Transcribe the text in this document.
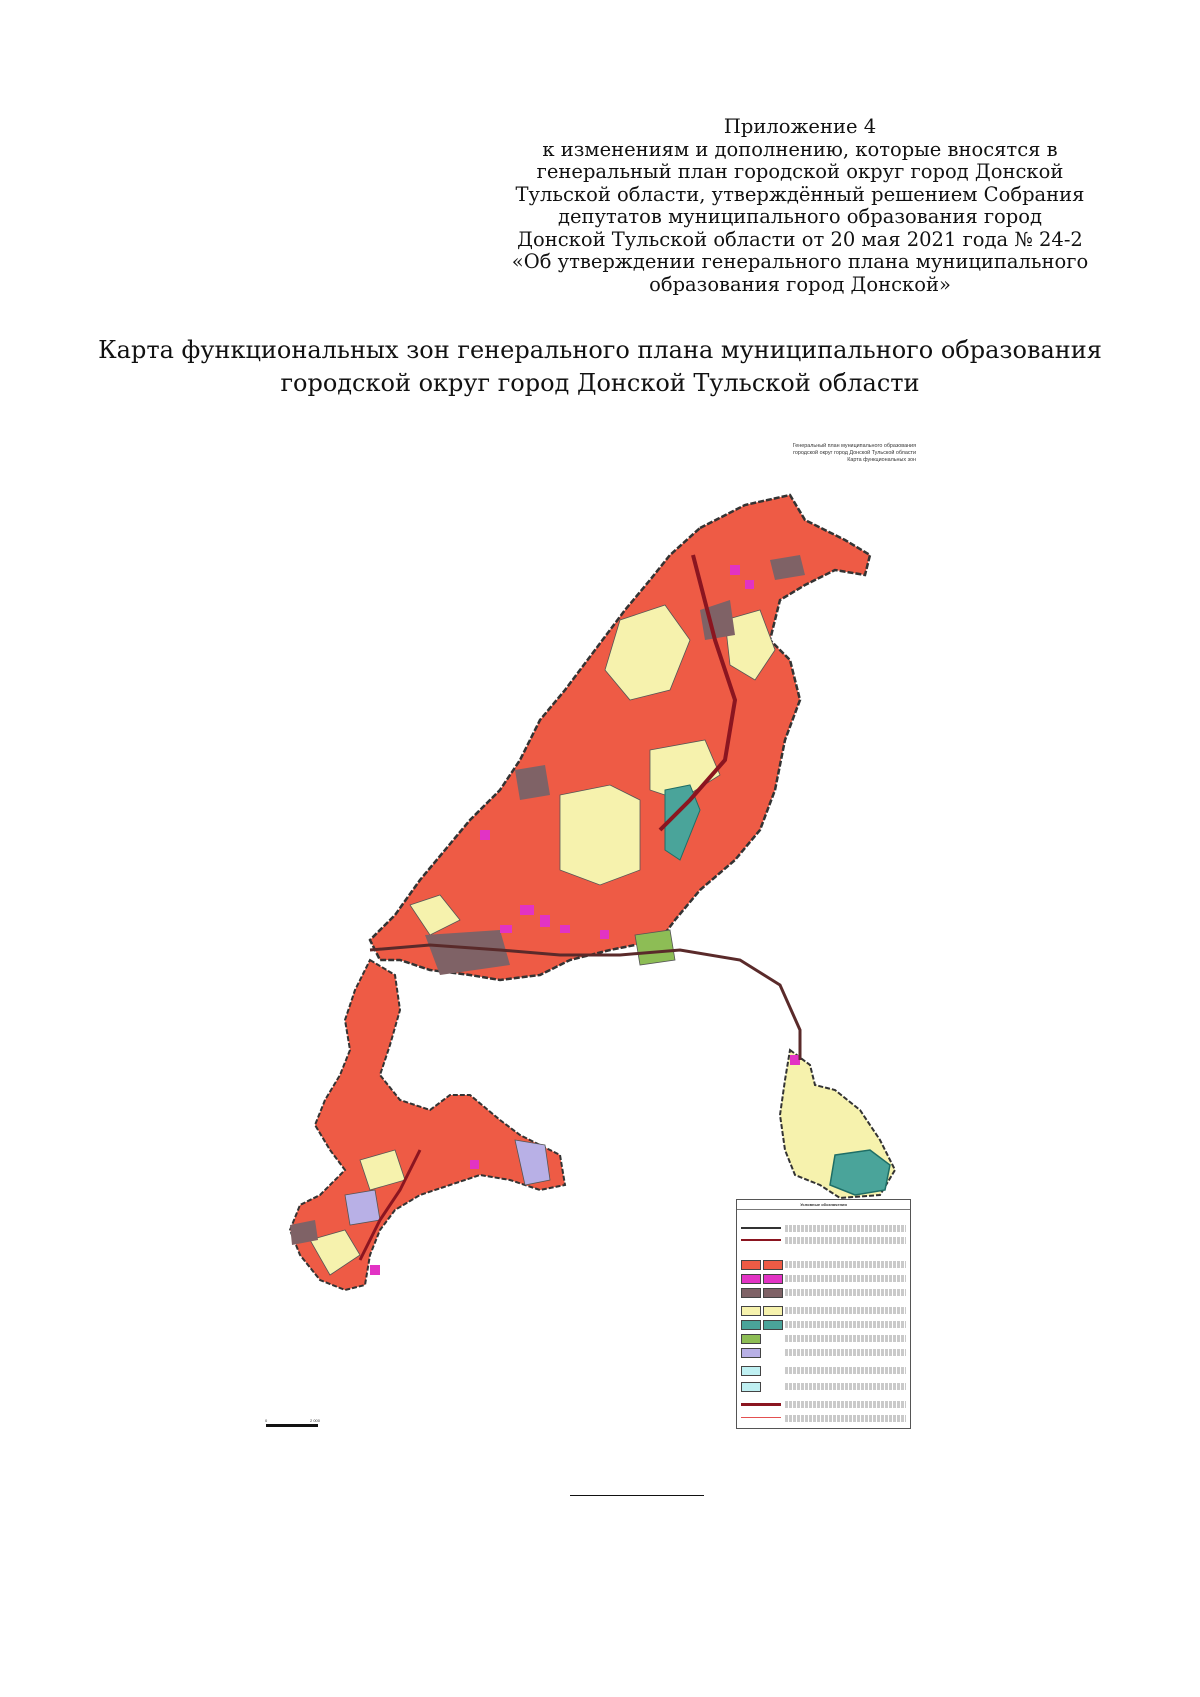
Приложение 4
к изменениям и дополнению, которые вносятся в
генеральный план городской округ город Донской
Тульской области, утверждённый решением Собрания
депутатов муниципального образования город
Донской Тульской области от 20 мая 2021 года № 24-2
«Об утверждении генерального плана муниципального
образования город Донской»
Карта функциональных зон генерального плана муниципального образования
городской округ город Донской Тульской области
Генеральный план муниципального образования
городской округ город Донской Тульской области
Карта функциональных зон
Условные обозначения
0	2 000
